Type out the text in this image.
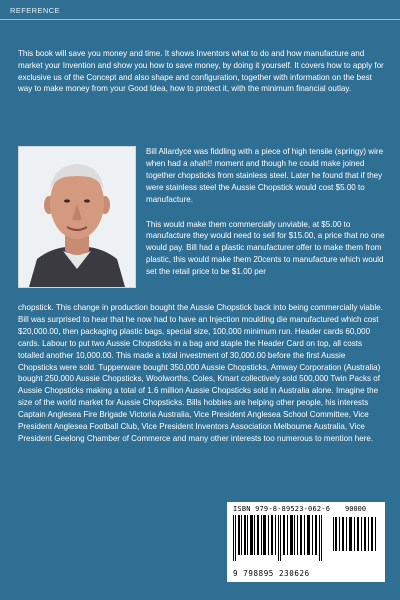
REFERENCE
This book will save you money and time. It shows Inventors what to do and how manufacture and market your Invention and show you how to save money, by doing it yourself. It covers how to apply for exclusive us of the Concept and also shape and configuration, together with information on the best way to make money from your Good Idea, how to protect it, with the minimum financial outlay.

Bill Allardyce was fiddling with a piece of high tensile (springy) wire when had a ahah!! moment and though he could make joined together chopsticks from stainless steel. Later he found that if they were stainless steel the Aussie Chopstick would cost $5.00 to manufacture.

This would make them commercially unviable, at $5.00 to manufacture they would need to sell for $15.00, a price that no one would pay. Bill had a plastic manufacturer offer to make them from plastic, this would make them 20cents to manufacture which would set the retail price to be $1.00 per

chopstick. This change in production bought the Aussie Chopstick back into being commercially viable. Bill was surprised to hear that he now had to have an Injection moulding die manufactured which cost $20,000.00, then packaging plastic bags, special size, 100,000 minimum run. Header cards 60,000 cards. Labour to put two Aussie Chopsticks in a bag and staple the Header Card on top, all costs totalled another 10,000.00. This made a total investment of 30,000.00 before the first Aussie Chopsticks were sold. Tupperware bought 350,000 Aussie Chopsticks, Amway Corporation (Australia) bought 250,000 Aussie Chopsticks, Woolworths, Coles, Kmart collectively sold 500,000 Twin Packs of Aussie Chopsticks making a total of 1.6 million Aussie Chopsticks sold in Australia alone. Imagine the size of the world market for Aussie Chopsticks. Bills hobbies are helping other people, his interests Captain Anglesea Fire Brigade Victoria Australia, Vice President Anglesea School Committee, Vice President Anglesea Football Club, Vice President Inventors Association Melbourne Australia, Vice President Geelong Chamber of Commerce and many other interests too numerous to mention here.
ISBN 979-8-89523-062-6
9 798895 230626
90000
